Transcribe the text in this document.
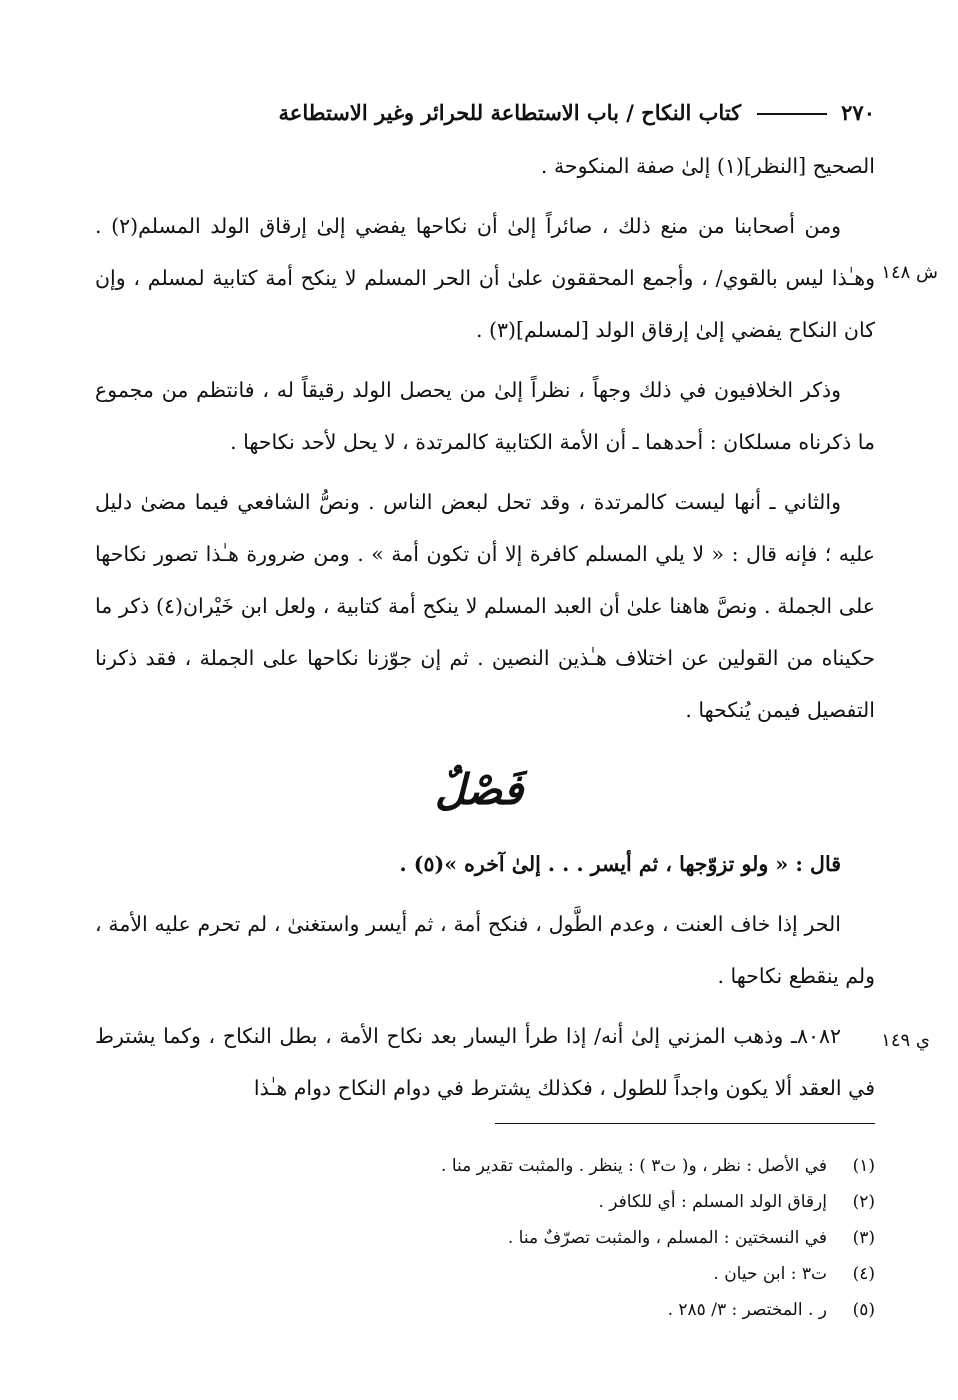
٢٧٠
كتاب النكاح / باب الاستطاعة للحرائر وغير الاستطاعة
ش ١٤٨
ي ١٤٩

الصحيح [النظر](١) إلىٰ صفة المنكوحة .

ومن أصحابنا من منع ذلك ، صائراً إلىٰ أن نكاحها يفضي إلىٰ إرقاق الولد المسلم(٢) . وهـٰذا ليس بالقوي/ ، وأجمع المحققون علىٰ أن الحر المسلم لا ينكح أمة كتابية لمسلم ، وإن كان النكاح يفضي إلىٰ إرقاق الولد [لمسلم](٣) .

وذكر الخلافيون في ذلك وجهاً ، نظراً إلىٰ من يحصل الولد رقيقاً له ، فانتظم من مجموع ما ذكرناه مسلكان : أحدهما ـ أن الأمة الكتابية كالمرتدة ، لا يحل لأحد نكاحها .

والثاني ـ أنها ليست كالمرتدة ، وقد تحل لبعض الناس . ونصُّ الشافعي فيما مضىٰ دليل عليه ؛ فإنه قال : « لا يلي المسلم كافرة إلا أن تكون أمة » . ومن ضرورة هـٰذا تصور نكاحها على الجملة . ونصَّ هاهنا علىٰ أن العبد المسلم لا ينكح أمة كتابية ، ولعل ابن خَيْران(٤) ذكر ما حكيناه من القولين عن اختلاف هـٰذين النصين . ثم إن جوّزنا نكاحها على الجملة ، فقد ذكرنا التفصيل فيمن يُنكحها .

فَصْلٌ

قال : « ولو تزوّجها ، ثم أيسر . . . إلىٰ آخره »(٥) .

الحر إذا خاف العنت ، وعدم الطَّول ، فنكح أمة ، ثم أيسر واستغنىٰ ، لم تحرم عليه الأمة ، ولم ينقطع نكاحها .

٨٠٨٢ـ وذهب المزني إلىٰ أنه/ إذا طرأ اليسار بعد نكاح الأمة ، بطل النكاح ، وكما يشترط في العقد ألا يكون واجداً للطول ، فكذلك يشترط في دوام النكاح دوام هـٰذا

(١)
في الأصل : نظر ، و( ت٣ ) : ينظر . والمثبت تقدير منا .
(٢)
إرقاق الولد المسلم : أي للكافر .
(٣)
في النسختين : المسلم ، والمثبت تصرّفٌ منا .
(٤)
ت٣ : ابن حيان .
(٥)
ر . المختصر : ٣/ ٢٨٥ .
